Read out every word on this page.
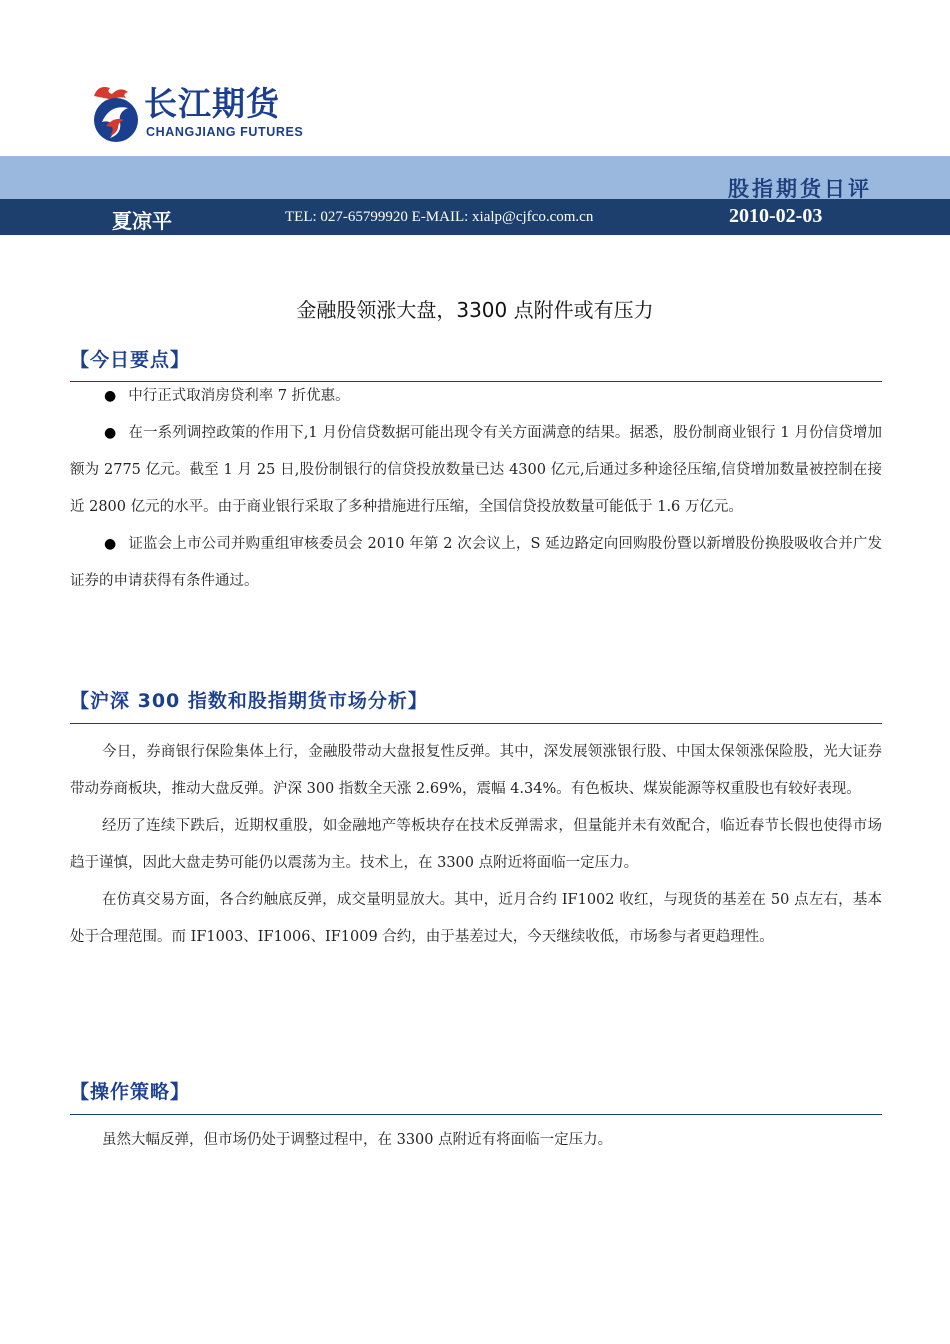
长江期货
CHANGJIANG FUTURES
股指期货日评
夏凉平	TEL: 027-65799920 E-MAIL: xialp@cjfco.com.cn	2010-02-03
金融股领涨大盘，3300 点附件或有压力
【今日要点】
● 中行正式取消房贷利率 7 折优惠。
● 在一系列调控政策的作用下,1 月份信贷数据可能出现令有关方面满意的结果。据悉，股份制商业银行 1 月份信贷增加额为 2775 亿元。截至 1 月 25 日,股份制银行的信贷投放数量已达 4300 亿元,后通过多种途径压缩,信贷增加数量被控制在接近 2800 亿元的水平。由于商业银行采取了多种措施进行压缩，全国信贷投放数量可能低于 1.6 万亿元。
● 证监会上市公司并购重组审核委员会 2010 年第 2 次会议上，S 延边路定向回购股份暨以新增股份换股吸收合并广发证券的申请获得有条件通过。
【沪深 300 指数和股指期货市场分析】
今日，券商银行保险集体上行，金融股带动大盘报复性反弹。其中，深发展领涨银行股、中国太保领涨保险股，光大证券带动券商板块，推动大盘反弹。沪深 300 指数全天涨 2.69%，震幅 4.34%。有色板块、煤炭能源等权重股也有较好表现。
经历了连续下跌后，近期权重股，如金融地产等板块存在技术反弹需求，但量能并未有效配合，临近春节长假也使得市场趋于谨慎，因此大盘走势可能仍以震荡为主。技术上，在 3300 点附近将面临一定压力。
在仿真交易方面，各合约触底反弹，成交量明显放大。其中，近月合约 IF1002 收红，与现货的基差在 50 点左右，基本处于合理范围。而 IF1003、IF1006、IF1009 合约，由于基差过大，今天继续收低，市场参与者更趋理性。
【操作策略】
虽然大幅反弹，但市场仍处于调整过程中，在 3300 点附近有将面临一定压力。
